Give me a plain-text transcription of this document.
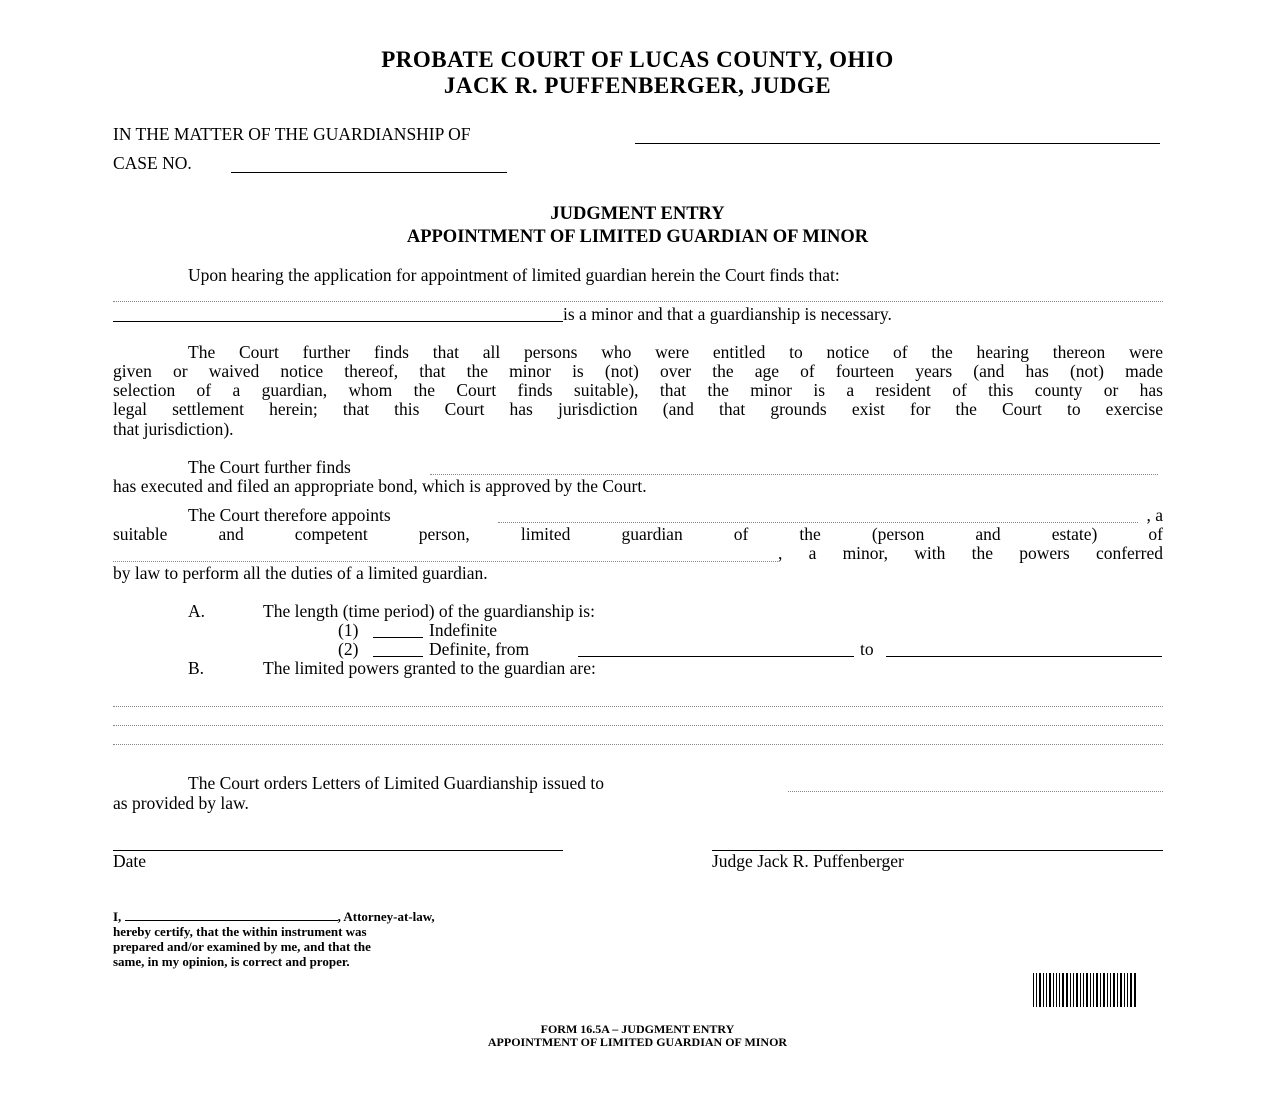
PROBATE COURT OF LUCAS COUNTY, OHIO
JACK R. PUFFENBERGER, JUDGE
IN THE MATTER OF THE GUARDIANSHIP OF
CASE NO.
JUDGMENT ENTRY
APPOINTMENT OF LIMITED GUARDIAN OF MINOR
Upon hearing the application for appointment of limited guardian herein the Court finds that:
is a minor and that a guardianship is necessary.
The Court further finds that all persons who were entitled to notice of the hearing thereon were
given or waived notice thereof, that the minor is (not) over the age of fourteen years (and has (not) made
selection of a guardian, whom the Court finds suitable), that the minor is a resident of this county or has
legal settlement herein; that this Court has jurisdiction (and that grounds exist for the Court to exercise
that jurisdiction).
The Court further finds
has executed and filed an appropriate bond, which is approved by the Court.
The Court therefore appoints	, a
suitable and competent person, limited guardian of the (person and estate) of
, a minor, with the powers conferred
by law to perform all the duties of a limited guardian.
A.	The length (time period) of the guardianship is:
(1)	Indefinite
(2)	Definite, from	to
B.	The limited powers granted to the guardian are:
The Court orders Letters of Limited Guardianship issued to
as provided by law.
Date	Judge Jack R. Puffenberger
I,	, Attorney-at-law,
hereby certify, that the within instrument was
prepared and/or examined by me, and that the
same, in my opinion, is correct and proper.
FORM 16.5A – JUDGMENT ENTRY
APPOINTMENT OF LIMITED GUARDIAN OF MINOR
